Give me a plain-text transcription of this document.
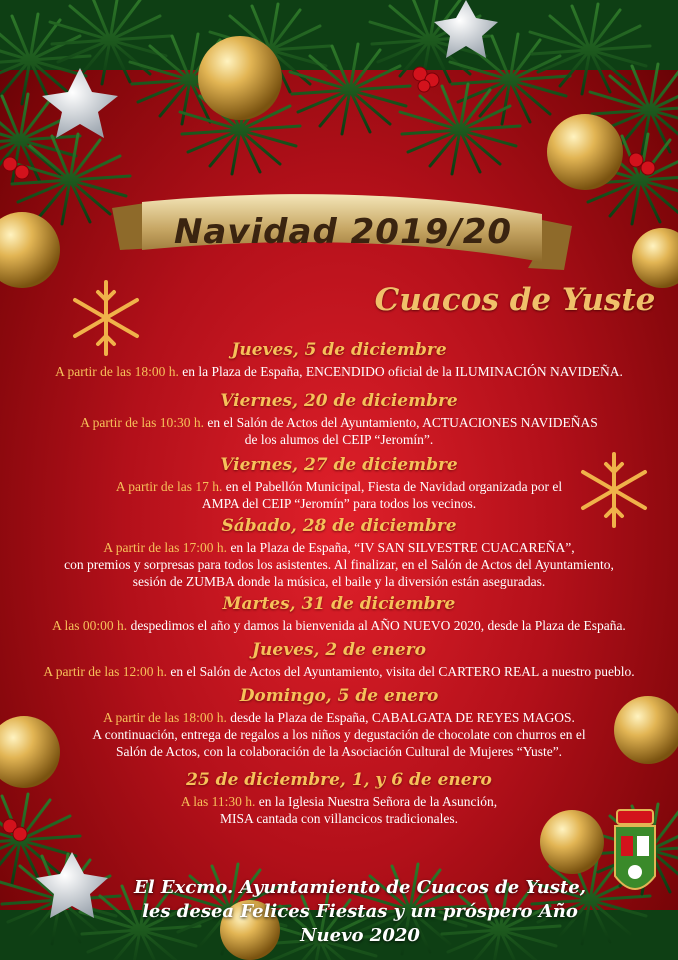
Navidad 2019/20
Cuacos de Yuste
Jueves, 5 de diciembre
A partir de las 18:00 h. en la Plaza de España, ENCENDIDO oficial de la ILUMINACIÓN NAVIDEÑA.
Viernes, 20 de diciembre
A partir de las 10:30 h. en el Salón de Actos del Ayuntamiento, ACTUACIONES NAVIDEÑAS
de los alumos del CEIP “Jeromín”.
Viernes, 27 de diciembre
A partir de las 17 h. en el Pabellón Municipal, Fiesta de Navidad organizada por el
AMPA del CEIP “Jeromín” para todos los vecinos.
Sábado, 28 de diciembre
A partir de las 17:00 h. en la Plaza de España, “IV SAN SILVESTRE CUACAREÑA”,
con premios y sorpresas para todos los asistentes. Al finalizar, en el Salón de Actos del Ayuntamiento,
sesión de ZUMBA donde la música, el baile y la diversión están aseguradas.
Martes, 31 de diciembre
A las 00:00 h. despedimos el año y damos la bienvenida al AÑO NUEVO 2020, desde la Plaza de España.
Jueves, 2 de enero
A partir de las 12:00 h. en el Salón de Actos del Ayuntamiento, visita del CARTERO REAL a nuestro pueblo.
Domingo, 5 de enero
A partir de las 18:00 h. desde la Plaza de España, CABALGATA DE REYES MAGOS.
A continuación, entrega de regalos a los niños y degustación de chocolate con churros en el
Salón de Actos, con la colaboración de la Asociación Cultural de Mujeres “Yuste”.
25 de diciembre, 1, y 6 de enero
A las 11:30 h. en la Iglesia Nuestra Señora de la Asunción,
MISA cantada con villancicos tradicionales.
El Excmo. Ayuntamiento de Cuacos de Yuste,
les desea Felices Fiestas y un próspero Año Nuevo 2020
